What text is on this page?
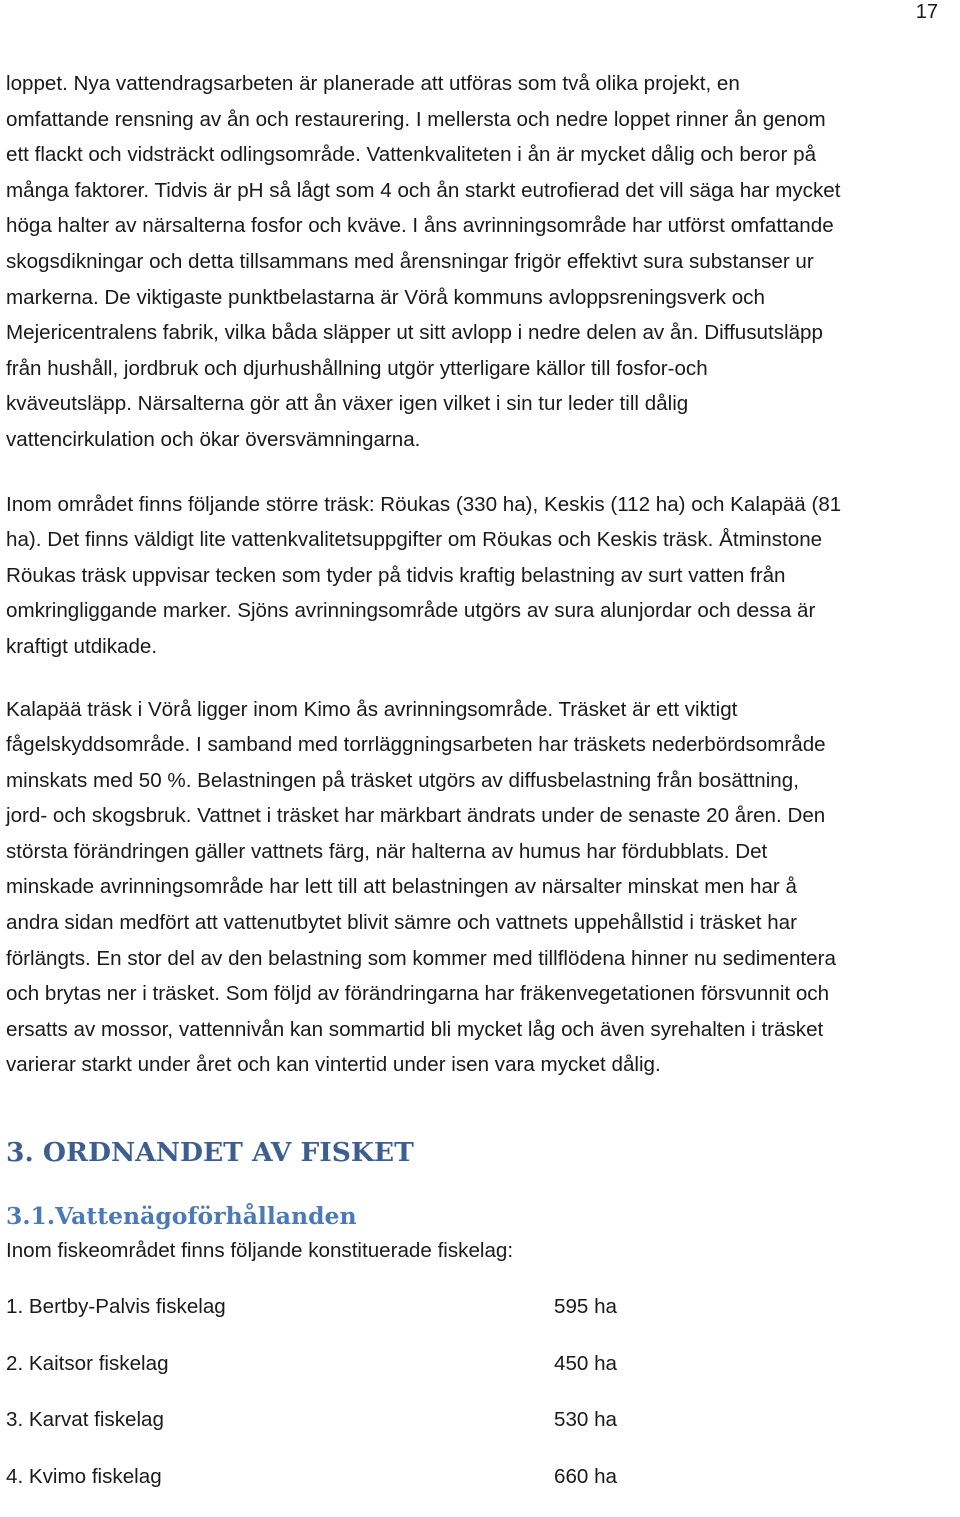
17

loppet. Nya vattendragsarbeten är planerade att utföras som två olika projekt, en
omfattande rensning av ån och restaurering. I mellersta och nedre loppet rinner ån genom
ett flackt och vidsträckt odlingsområde. Vattenkvaliteten i ån är mycket dålig och beror på
många faktorer. Tidvis är pH så lågt som 4 och ån starkt eutrofierad det vill säga har mycket
höga halter av närsalterna fosfor och kväve. I åns avrinningsområde har utförst omfattande
skogsdikningar och detta tillsammans med årensningar frigör effektivt sura substanser ur
markerna. De viktigaste punktbelastarna är Vörå kommuns avloppsreningsverk och
Mejericentralens fabrik, vilka båda släpper ut sitt avlopp i nedre delen av ån. Diffusutsläpp
från hushåll, jordbruk och djurhushållning utgör ytterligare källor till fosfor-och
kväveutsläpp. Närsalterna gör att ån växer igen vilket i sin tur leder till dålig
vattencirkulation och ökar översvämningarna.

Inom området finns följande större träsk: Röukas (330 ha), Keskis (112 ha) och Kalapää (81
ha). Det finns väldigt lite vattenkvalitetsuppgifter om Röukas och Keskis träsk. Åtminstone
Röukas träsk uppvisar tecken som tyder på tidvis kraftig belastning av surt vatten från
omkringliggande marker. Sjöns avrinningsområde utgörs av sura alunjordar och dessa är
kraftigt utdikade.

Kalapää träsk i Vörå ligger inom Kimo ås avrinningsområde. Träsket är ett viktigt
fågelskyddsområde. I samband med torrläggningsarbeten har träskets nederbördsområde
minskats med 50 %. Belastningen på träsket utgörs av diffusbelastning från bosättning,
jord- och skogsbruk. Vattnet i träsket har märkbart ändrats under de senaste 20 åren. Den
största förändringen gäller vattnets färg, när halterna av humus har fördubblats. Det
minskade avrinningsområde har lett till att belastningen av närsalter minskat men har å
andra sidan medfört att vattenutbytet blivit sämre och vattnets uppehållstid i träsket har
förlängts. En stor del av den belastning som kommer med tillflödena hinner nu sedimentera
och brytas ner i träsket. Som följd av förändringarna har fräkenvegetationen försvunnit och
ersatts av mossor, vattennivån kan sommartid bli mycket låg och även syrehalten i träsket
varierar starkt under året och kan vintertid under isen vara mycket dålig.

3. ORDNANDET AV FISKET
3.1.Vattenägoförhållanden

Inom fiskeområdet finns följande konstituerade fiskelag:

1. Bertby-Palvis fiskelag	595 ha
2. Kaitsor fiskelag	450 ha
3. Karvat fiskelag	530 ha
4. Kvimo fiskelag	660 ha
